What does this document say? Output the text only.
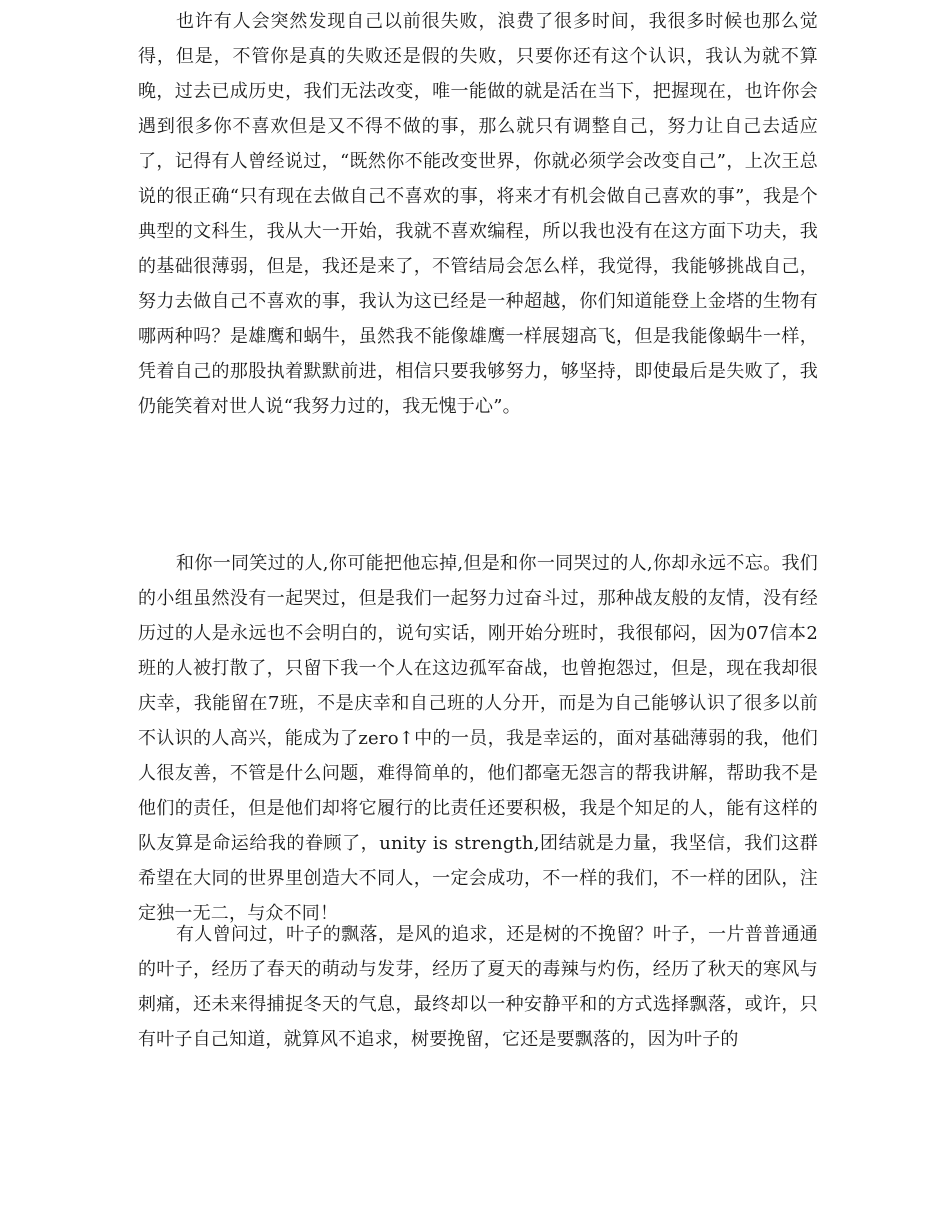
也许有人会突然发现自己以前很失败，浪费了很多时间，我很多时候也那么觉得，但是，不管你是真的失败还是假的失败，只要你还有这个认识，我认为就不算晚，过去已成历史，我们无法改变，唯一能做的就是活在当下，把握现在，也许你会遇到很多你不喜欢但是又不得不做的事，那么就只有调整自己，努力让自己去适应了，记得有人曾经说过，“既然你不能改变世界，你就必须学会改变自己”，上次王总说的很正确“只有现在去做自己不喜欢的事，将来才有机会做自己喜欢的事”，我是个典型的文科生，我从大一开始，我就不喜欢编程，所以我也没有在这方面下功夫，我的基础很薄弱，但是，我还是来了，不管结局会怎么样，我觉得，我能够挑战自己，努力去做自己不喜欢的事，我认为这已经是一种超越，你们知道能登上金塔的生物有哪两种吗？是雄鹰和蜗牛，虽然我不能像雄鹰一样展翅高飞，但是我能像蜗牛一样，凭着自己的那股执着默默前进，相信只要我够努力，够坚持，即使最后是失败了，我仍能笑着对世人说“我努力过的，我无愧于心”。

和你一同笑过的人,你可能把他忘掉,但是和你一同哭过的人,你却永远不忘。我们的小组虽然没有一起哭过，但是我们一起努力过奋斗过，那种战友般的友情，没有经历过的人是永远也不会明白的，说句实话，刚开始分班时，我很郁闷，因为07信本2班的人被打散了，只留下我一个人在这边孤军奋战，也曾抱怨过，但是，现在我却很庆幸，我能留在7班，不是庆幸和自己班的人分开，而是为自己能够认识了很多以前不认识的人高兴，能成为了zero↑中的一员，我是幸运的，面对基础薄弱的我，他们人很友善，不管是什么问题，难得简单的，他们都毫无怨言的帮我讲解，帮助我不是他们的责任，但是他们却将它履行的比责任还要积极，我是个知足的人，能有这样的队友算是命运给我的眷顾了，unity is strength,团结就是力量，我坚信，我们这群希望在大同的世界里创造大不同人，一定会成功，不一样的我们，不一样的团队，注定独一无二，与众不同！

有人曾问过，叶子的飘落，是风的追求，还是树的不挽留？叶子，一片普普通通的叶子，经历了春天的萌动与发芽，经历了夏天的毒辣与灼伤，经历了秋天的寒风与刺痛，还未来得捕捉冬天的气息，最终却以一种安静平和的方式选择飘落，或许，只有叶子自己知道，就算风不追求，树要挽留，它还是要飘落的，因为叶子的
